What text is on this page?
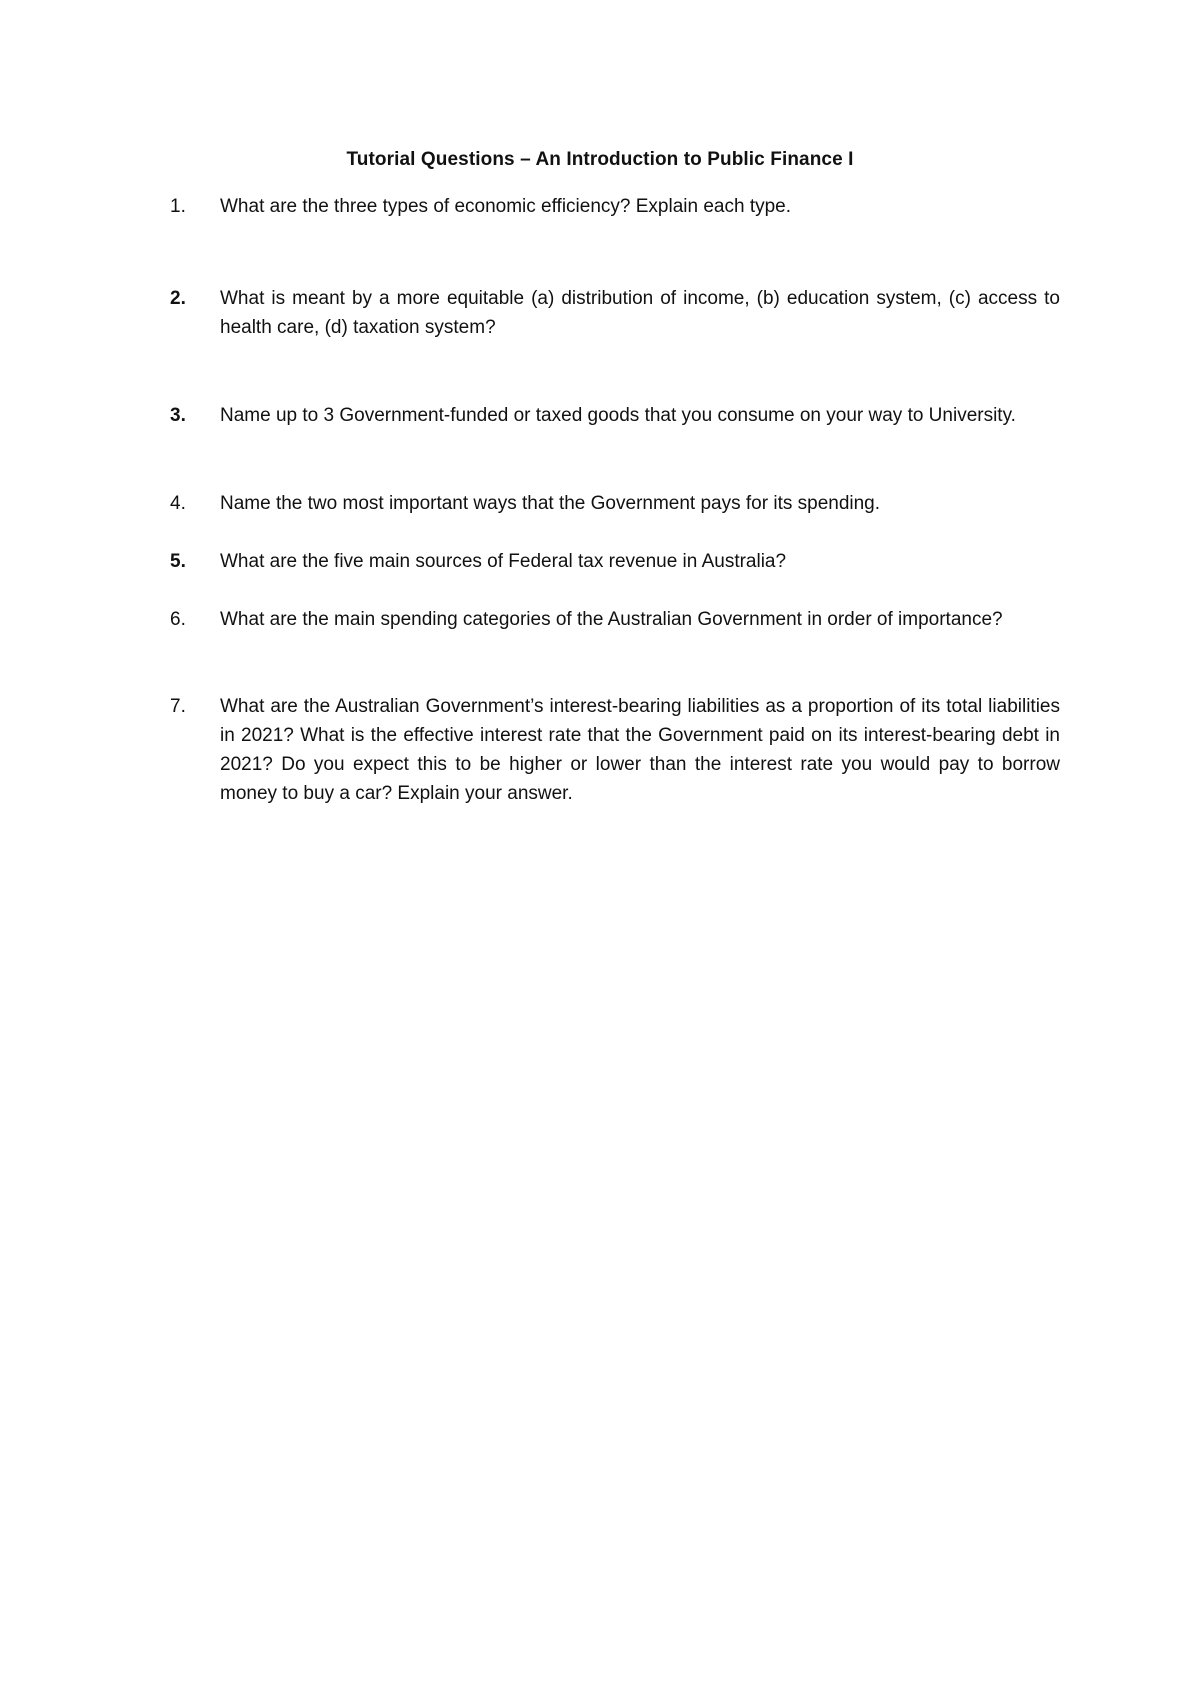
Tutorial Questions – An Introduction to Public Finance I
1.	What are the three types of economic efficiency? Explain each type.
2.	What is meant by a more equitable (a) distribution of income, (b) education system, (c) access to health care, (d) taxation system?
3.	Name up to 3 Government-funded or taxed goods that you consume on your way to University.
4.	Name the two most important ways that the Government pays for its spending.
5.	What are the five main sources of Federal tax revenue in Australia?
6.	What are the main spending categories of the Australian Government in order of importance?
7.	What are the Australian Government’s interest-bearing liabilities as a proportion of its total liabilities in 2021? What is the effective interest rate that the Government paid on its interest-bearing debt in 2021? Do you expect this to be higher or lower than the interest rate you would pay to borrow money to buy a car? Explain your answer.
